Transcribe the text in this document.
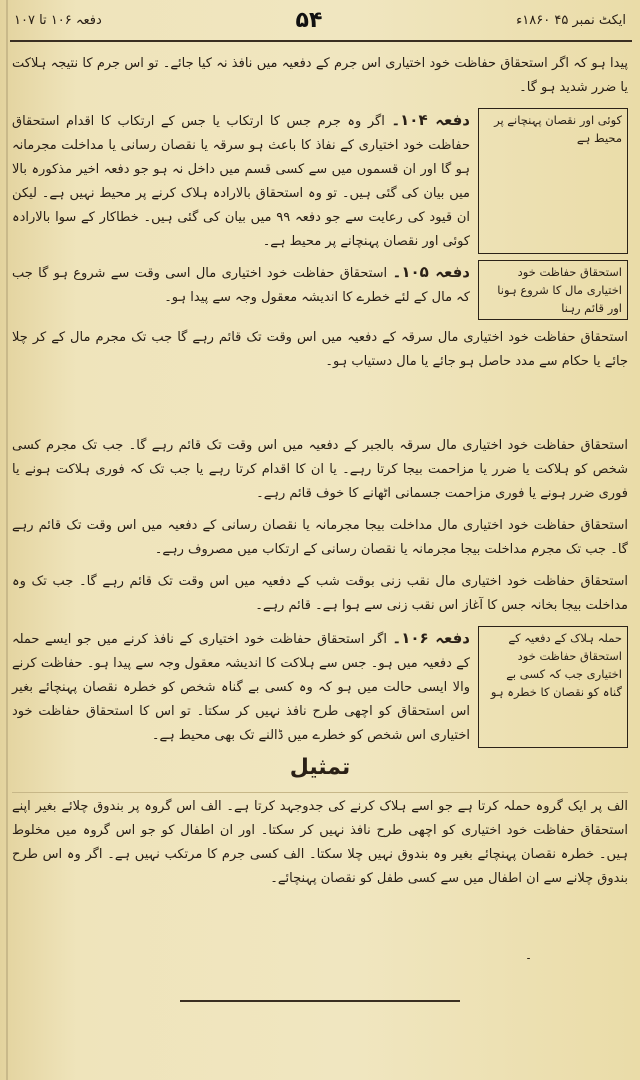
ایکٹ نمبر ۴۵ ۱۸۶۰ء
۵۴
دفعہ ۱۰۶ تا ۱۰۷

پیدا ہو کہ اگر استحقاق حفاظت خود اختیاری اس جرم کے دفعیہ میں نافذ نہ کیا جائے۔ تو اس جرم کا نتیجہ ہلاکت یا ضرر شدید ہو گا۔

کوئی اور نقصان پہنچانے پر محیط ہے
دفعہ ۱۰۴۔ اگر وہ جرم جس کا ارتکاب یا جس کے ارتکاب کا اقدام استحقاق حفاظت خود اختیاری کے نفاذ کا باعث ہو سرقہ یا نقصان رسانی یا مداخلت مجرمانہ ہو گا اور ان قسموں میں سے کسی قسم میں داخل نہ ہو جو دفعہ اخیر مذکورہ بالا میں بیان کی گئی ہیں۔ تو وہ استحقاق بالارادہ ہلاک کرنے پر محیط نہیں ہے۔ لیکن ان قیود کی رعایت سے جو دفعہ ۹۹ میں بیان کی گئی ہیں۔ خطاکار کے سوا بالارادہ کوئی اور نقصان پہنچانے پر محیط ہے۔
استحقاق حفاظت خود اختیاری مال کا شروع ہونا اور قائم رہنا
دفعہ ۱۰۵۔ استحقاق حفاظت خود اختیاری مال اسی وقت سے شروع ہو گا جب کہ مال کے لئے خطرے کا اندیشہ معقول وجہ سے پیدا ہو۔

استحقاق حفاظت خود اختیاری مال سرقہ کے دفعیہ میں اس وقت تک قائم رہے گا جب تک مجرم مال کے کر چلا جائے یا حکام سے مدد حاصل ہو جائے یا مال دستیاب ہو۔

استحقاق حفاظت خود اختیاری مال سرقہ بالجبر کے دفعیہ میں اس وقت تک قائم رہے گا۔ جب تک مجرم کسی شخص کو ہلاکت یا ضرر یا مزاحمت بیجا کرتا رہے۔ یا ان کا اقدام کرتا رہے یا جب تک کہ فوری ہلاکت ہونے یا فوری ضرر ہونے یا فوری مزاحمت جسمانی اٹھانے کا خوف قائم رہے۔

استحقاق حفاظت خود اختیاری مال مداخلت بیجا مجرمانہ یا نقصان رسانی کے دفعیہ میں اس وقت تک قائم رہے گا۔ جب تک مجرم مداخلت بیجا مجرمانہ یا نقصان رسانی کے ارتکاب میں مصروف رہے۔

استحقاق حفاظت خود اختیاری مال نقب زنی بوقت شب کے دفعیہ میں اس وقت تک قائم رہے گا۔ جب تک وہ مداخلت بیجا بخانہ جس کا آغاز اس نقب زنی سے ہوا ہے۔ قائم رہے۔

حملہ ہلاک کے دفعیہ کے استحقاق حفاظت خود اختیاری جب کہ کسی بے گناہ کو نقصان کا خطرہ ہو
دفعہ ۱۰۶۔ اگر استحقاق حفاظت خود اختیاری کے نافذ کرنے میں جو ایسے حملہ کے دفعیہ میں ہو۔ جس سے ہلاکت کا اندیشہ معقول وجہ سے پیدا ہو۔ حفاظت کرنے والا ایسی حالت میں ہو کہ وہ کسی بے گناہ شخص کو خطرہ نقصان پہنچائے بغیر اس استحقاق کو اچھی طرح نافذ نہیں کر سکتا۔ تو اس کا استحقاق حفاظت خود اختیاری اس شخص کو خطرے میں ڈالنے تک بھی محیط ہے۔
تمثیل

الف پر ایک گروہ حملہ کرتا ہے جو اسے ہلاک کرنے کی جدوجہد کرتا ہے۔ الف اس گروہ پر بندوق چلائے بغیر اپنے استحقاق حفاظت خود اختیاری کو اچھی طرح نافذ نہیں کر سکتا۔ اور ان اطفال کو جو اس گروہ میں مخلوط ہیں۔ خطرہ نقصان پہنچائے بغیر وہ بندوق نہیں چلا سکتا۔ الف کسی جرم کا مرتکب نہیں ہے۔ اگر وہ اس طرح بندوق چلانے سے ان اطفال میں سے کسی طفل کو نقصان پہنچائے۔

۔
